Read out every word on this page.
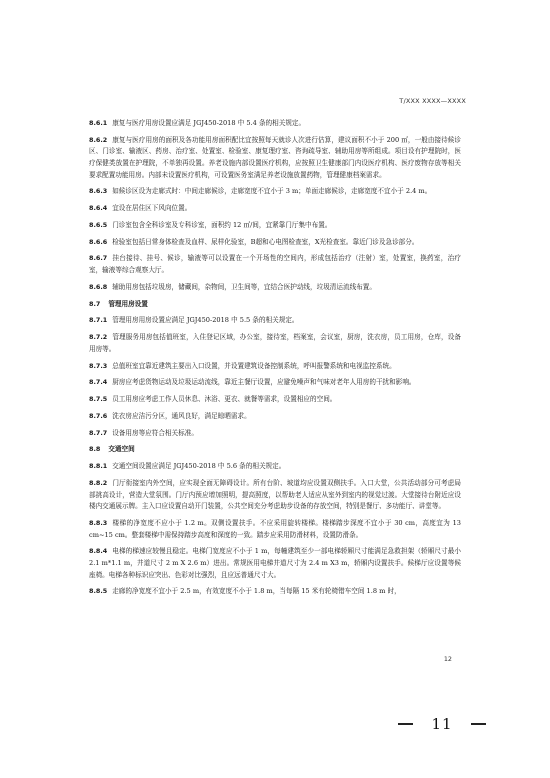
T/XXX XXXX—XXXX
8.6.1 康复与医疗用房设置应满足 JGJ450-2018 中 5.4 条的相关规定。
8.6.2 康复与医疗用房的面积及各功能用房面积配比宜按照每天就诊人次进行估算，建议面积不小于 200 ㎡，一般由接待候诊区、门诊室、输液区、药房、治疗室、处置室、检验室、康复理疗室、咨询疏导室、辅助用房等所组成。项目设有护理院时，医疗保健类放置在护理院，不单独再设置。养老设施内部设置医疗机构，应按照卫生健康部门内设医疗机构、医疗废物存放等相关要求配置功能用房。内部未设置医疗机构，可设置医务室满足养老设施放置药物，管理健康档案需求。
8.6.3 如候诊区设为走廊式时：中间走廊候诊，走廊宽度不宜小于 3 m；单面走廊候诊，走廊宽度不宜小于 2.4 m。
8.6.4 宜设在居住区下风向位置。
8.6.5 门诊室包含全科诊室及专科诊室，面积约 12 ㎡/间，宜紧靠门厅集中布置。
8.6.6 检验室包括日常身体检查及血样、尿样化验室，B超和心电图检查室，X光检查室。靠近门诊及急诊部分。
8.6.7 挂台接待、挂号、候诊，输液等可以设置在一个开场性的空间内，形成包括治疗（注射）室，处置室，换药室，治疗室，输液等综合观察大厅。
8.6.8 辅助用房包括垃圾房，储藏间，杂物间，卫生间等，宜结合医护动线，垃圾清运流线布置。
8.7 管理用房设置
8.7.1 管理用房用房设置应满足 JGJ450-2018 中 5.5 条的相关规定。
8.7.2 管理服务用房包括值班室，入住登记区域，办公室，接待室，档案室，会议室，厨房，洗衣房，员工用房，仓库，设备用房等。
8.7.3 总值班室宜靠近建筑主要出入口设置，并设置建筑设备控制系统，呼叫报警系统和电视监控系统。
8.7.4 厨房应考虑货物运动及垃圾运动流线，靠近主餐厅设置，应避免噪声和气味对老年人用房的干扰和影响。
8.7.5 员工用房应考虑工作人员休息、沐浴、更衣、就餐等需求，设置相应的空间。
8.7.6 洗衣房应洁污分区，通风良好，满足晾晒需求。
8.7.7 设备用房等应符合相关标准。
8.8 交通空间
8.8.1 交通空间设置应满足 JGJ450-2018 中 5.6 条的相关规定。
8.8.2 门厅衔接室内外空间，应实现全面无障碍设计。所有台阶、坡道均应设置双侧扶手。入口大堂，公共活动部分可考虑局部挑高设计，营造大堂氛围。门厅内预应增加照明，提高照度，以帮助老人适应从室外到室内的视觉过渡。大堂接待台附近应设楼内交通展示牌。主入口应设置自动开门装置，公共空间充分考虑助步设备的存放空间，特别是餐厅、多功能厅、讲堂等。
8.8.3 楼梯的净宽度不应小于 1.2 m。双侧设置扶手。不应采用旋转楼梯。楼梯踏步深度不宜小于 30 cm，高度宜为 13 cm~15 cm。整套楼梯中需保持踏步高度和深度的一致。踏步应采用防滑材料，设置防滑条。
8.8.4 电梯的梯速应较慢且稳定。电梯门宽度应不小于 1 m，每幢建筑至少一部电梯轿厢尺寸能满足急救担架（轿厢尺寸最小 2.1 m*1.1 m，井道尺寸 2 m X 2.6 m）进出。常规医用电梯井道尺寸为 2.4 m X3 m，轿厢内设置扶手。候梯厅应设置等候座椅。电梯各种标识应突出、色彩对比强烈，且应远普通尺寸大。
8.8.5 走廊的净宽度不宜小于 2.5 m，有效宽度不小于 1.8 m，当每隔 15 米有轮椅错车空间 1.8 m 时，
12
11
